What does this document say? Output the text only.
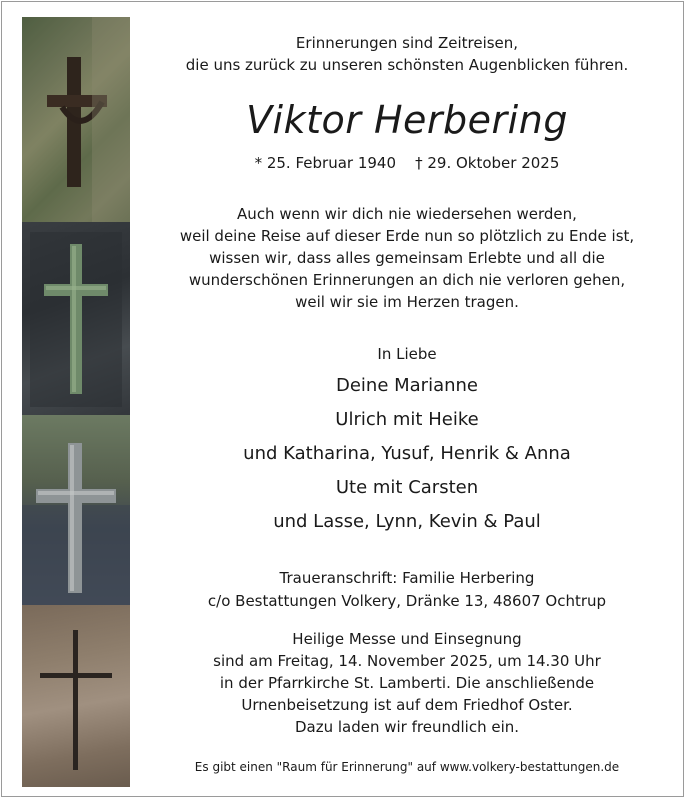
Erinnerungen sind Zeitreisen,
die uns zurück zu unseren schönsten Augenblicken führen.
Viktor Herbering
* 25. Februar 1940 † 29. Oktober 2025
Auch wenn wir dich nie wiedersehen werden,
weil deine Reise auf dieser Erde nun so plötzlich zu Ende ist,
wissen wir, dass alles gemeinsam Erlebte und all die
wunderschönen Erinnerungen an dich nie verloren gehen,
weil wir sie im Herzen tragen.
In Liebe
Deine Marianne
Ulrich mit Heike
und Katharina, Yusuf, Henrik & Anna
Ute mit Carsten
und Lasse, Lynn, Kevin & Paul
Traueranschrift: Familie Herbering
c/o Bestattungen Volkery, Dränke 13, 48607 Ochtrup
Heilige Messe und Einsegnung
sind am Freitag, 14. November 2025, um 14.30 Uhr
in der Pfarrkirche St. Lamberti. Die anschließende
Urnenbeisetzung ist auf dem Friedhof Oster.
Dazu laden wir freundlich ein.
Es gibt einen "Raum für Erinnerung" auf www.volkery-bestattungen.de
